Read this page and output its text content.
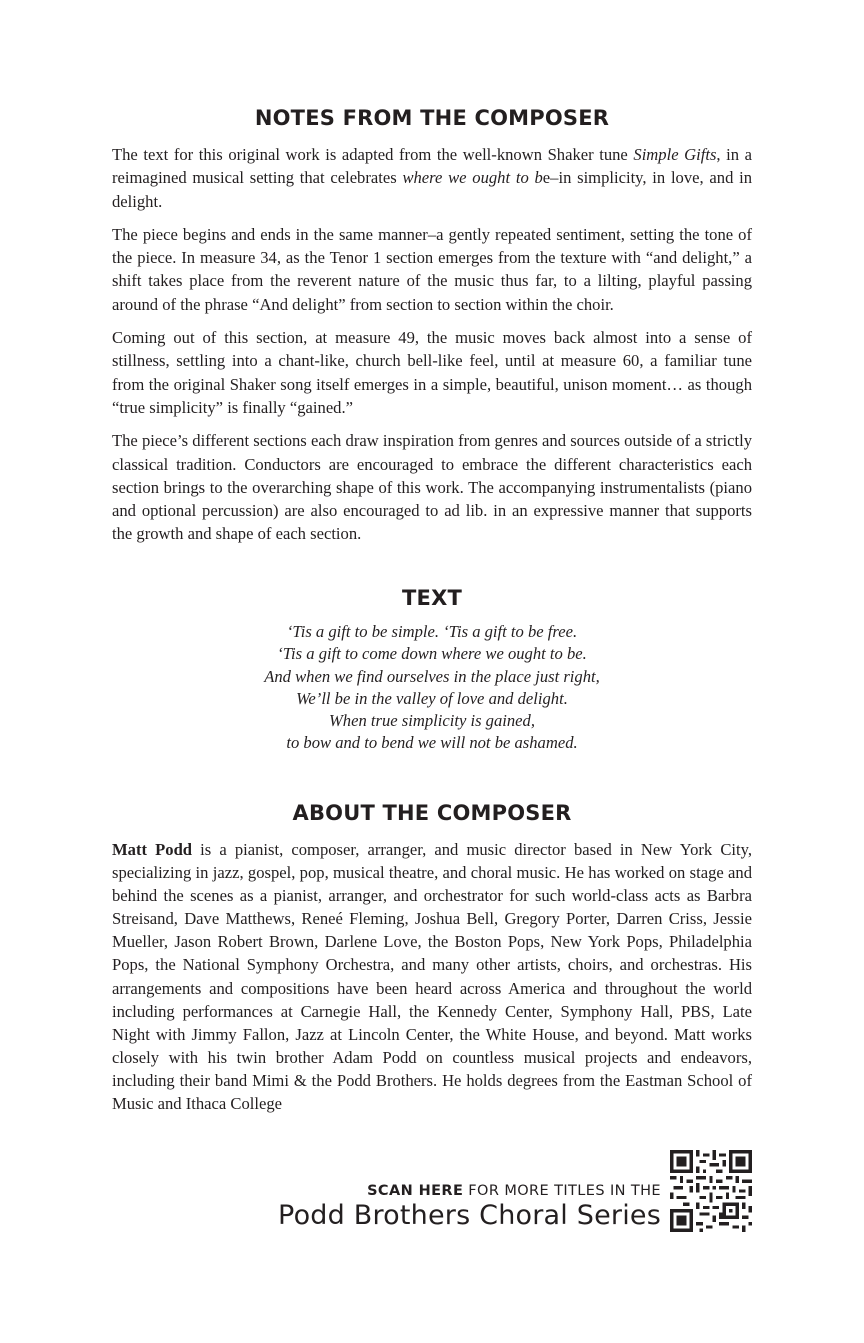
NOTES FROM THE COMPOSER

The text for this original work is adapted from the well-known Shaker tune Simple Gifts, in a reimagined musical setting that celebrates where we ought to be–in simplicity, in love, and in delight.

The piece begins and ends in the same manner–a gently repeated sentiment, setting the tone of the piece. In measure 34, as the Tenor 1 section emerges from the texture with “and delight,” a shift takes place from the reverent nature of the music thus far, to a lilting, playful passing around of the phrase “And delight” from section to section within the choir.

Coming out of this section, at measure 49, the music moves back almost into a sense of stillness, settling into a chant-like, church bell-like feel, until at measure 60, a familiar tune from the original Shaker song itself emerges in a simple, beautiful, unison moment… as though “true simplicity” is finally “gained.”

The piece’s different sections each draw inspiration from genres and sources outside of a strictly classical tradition. Conductors are encouraged to embrace the different characteristics each section brings to the overarching shape of this work. The accompanying instrumentalists (piano and optional percussion) are also encouraged to ad lib. in an expressive manner that supports the growth and shape of each section.

TEXT
‘Tis a gift to be simple. ‘Tis a gift to be free.
‘Tis a gift to come down where we ought to be.
And when we find ourselves in the place just right,
We’ll be in the valley of love and delight.
When true simplicity is gained,
to bow and to bend we will not be ashamed.
ABOUT THE COMPOSER

Matt Podd is a pianist, composer, arranger, and music director based in New York City, specializing in jazz, gospel, pop, musical theatre, and choral music. He has worked on stage and behind the scenes as a pianist, arranger, and orchestrator for such world-class acts as Barbra Streisand, Dave Matthews, Reneé Fleming, Joshua Bell, Gregory Porter, Darren Criss, Jessie Mueller, Jason Robert Brown, Darlene Love, the Boston Pops, New York Pops, Philadelphia Pops, the National Symphony Orchestra, and many other artists, choirs, and orchestras. His arrangements and compositions have been heard across America and throughout the world including performances at Carnegie Hall, the Kennedy Center, Symphony Hall, PBS, Late Night with Jimmy Fallon, Jazz at Lincoln Center, the White House, and beyond. Matt works closely with his twin brother Adam Podd on countless musical projects and endeavors, including their band Mimi & the Podd Brothers. He holds degrees from the Eastman School of Music and Ithaca College

SCAN HERE FOR MORE TITLES IN THE
Podd Brothers Choral Series
